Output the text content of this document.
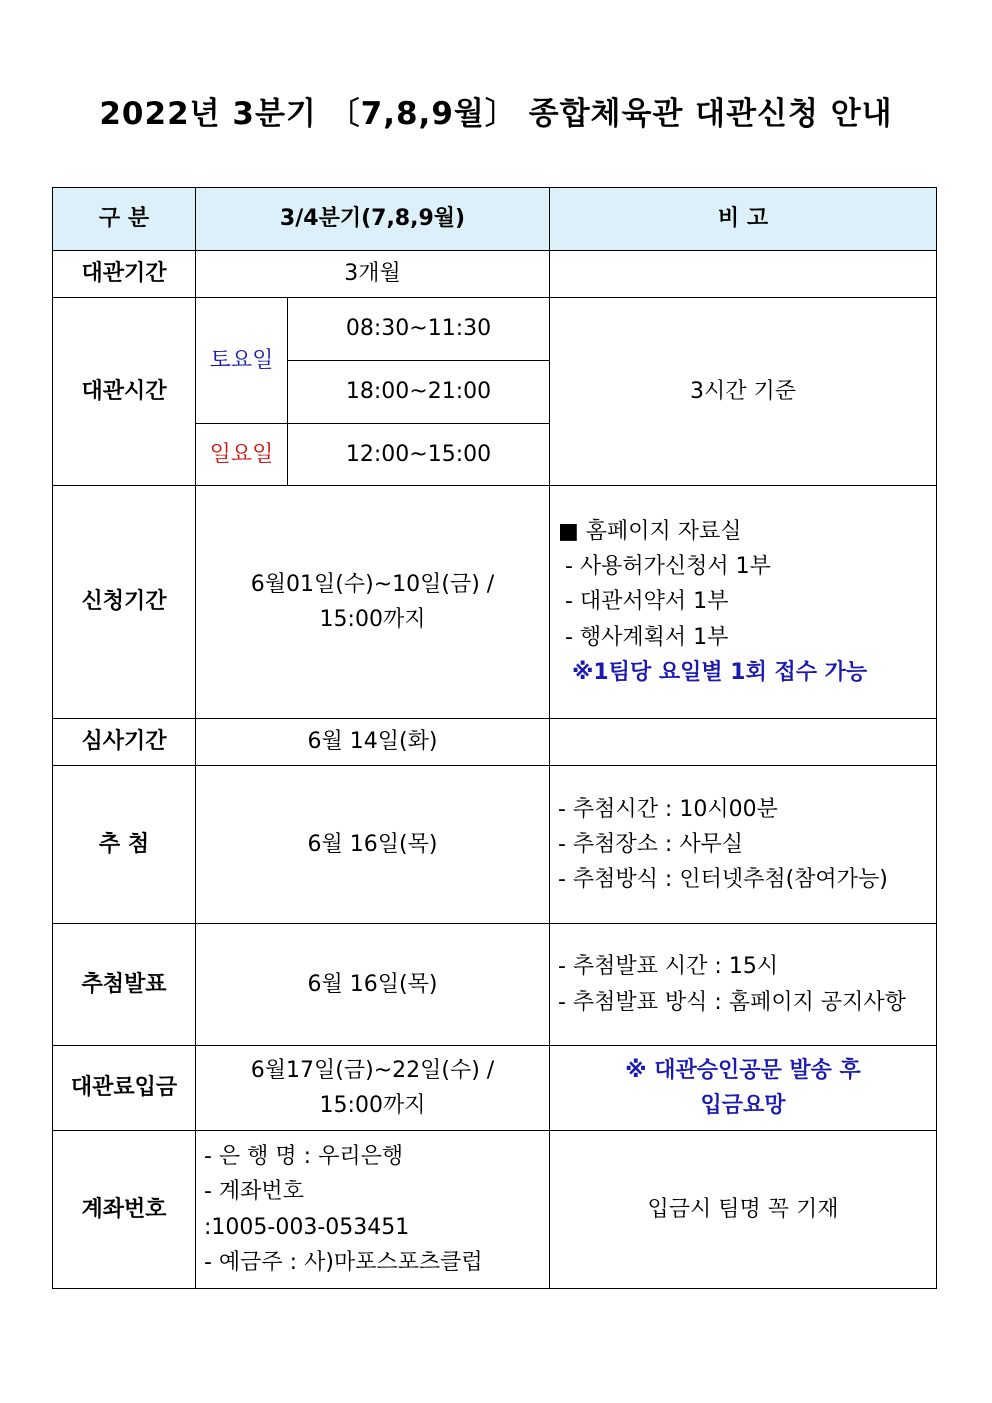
2022년 3분기 〔7,8,9월〕 종합체육관 대관신청 안내
구 분	3/4분기(7,8,9월)		비 고
대관기간	3개월		
대관시간	토요일	08:30~11:30	3시간 기준
		18:00~21:00	
	일요일	12:00~15:00	
신청기간	6월01일(수)~10일(금) /
15:00까지		■ 홈페이지 자료실
- 사용허가신청서 1부
- 대관서약서 1부
- 행사계획서 1부
※1팀당 요일별 1회 접수 가능

심사기간	6월 14일(화)		
추 첨	6월 16일(목)		- 추첨시간 : 10시00분
- 추첨장소 : 사무실
- 추첨방식 : 인터넷추첨(참여가능)

추첨발표	6월 16일(목)		- 추첨발표 시간 : 15시
- 추첨발표 방식 : 홈페이지 공지사항

대관료입금	6월17일(금)~22일(수) /
15:00까지		※ 대관승인공문 발송 후
입금요망

계좌번호	- 은 행 명 : 우리은행
- 계좌번호
:1005-003-053451
- 예금주 : 사)마포스포츠클럽		입금시 팀명 꼭 기재
